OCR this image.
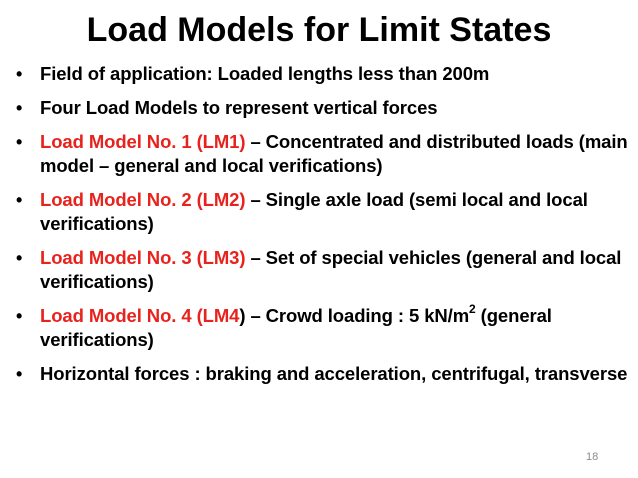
Load Models for Limit States
• Field of application: Loaded lengths less than 200m
• Four Load Models to represent vertical forces
• Load Model No. 1 (LM1) – Concentrated and distributed loads (main model – general and local verifications)
• Load Model No. 2 (LM2) – Single axle load (semi local and local verifications)
• Load Model No. 3 (LM3) – Set of special vehicles (general and local verifications)
• Load Model No. 4 (LM4) – Crowd loading : 5 $kN/m^2$ (general verifications)
• Horizontal forces : braking and acceleration, centrifugal, transverse
18
